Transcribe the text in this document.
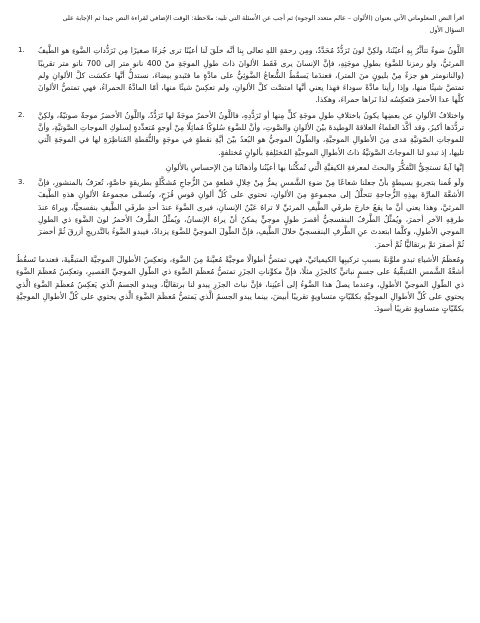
اقرأ النص المعلوماتي الآتي بعنوان (الألوان – عالم متعدد الوجوه) ثم أجب عن الأسئلة التي تليه: ملاحظة: الوقت الإضافي لقراءة النص جيدا ثم الإجابة على

السؤال الأول

1. اللَّونُ ضوءٌ تتأثَّرُ بِهِ أعيُنُنا، ولكِنَّ لونَ تَرَدُّدٌ مُحَدَّدٌ، ومِن رحمَةِ اللهِ تعالى بِنا أنَّه خلَقَ لَنا أعيُنًا ترى جُزءًا صغيرًا مِن تَرَدُّداتِ الضَّوءِ هو الطَّيفُ المرئيُّ، ولو رمزنا للضَّوءِ بطولِ موجَتِهِ، فإنَّ الإنسانَ يرى فَقَط الألوانَ ذاتَ طولِ الموجَةِ منْ 400 نانو متر إلى 700 نانو متر تقريبًا (والنانومتر هو جزءٌ مِنْ بليونٍ منَ المتر)، فعندَما يَسقُطُ الشُّعاعُ الضَّوئِيُّ على مادَّةٍ ما فتَبدو بيضاءَ، نستدلُّ أنَّها عكسَت كلَّ الألوانِ ولم تمتصَّ شيئًا منها، وإذا رأينا مادَّةً سوداءَ فهذا يعني أنَّها امتصَّت كلَّ الألوانِ، ولم تعكِسْ شيئًا منها، أمّا المادَّةُ الحمراءُ، فهي تمتصُّ الألوانَ كلَّها عدا الأحمرَ فتَعكِسُه لذا نَراها حمراءَ، وهكذا.
2. واختلافُ الألوانِ عن بعضِها يكونُ باختلافِ طولِ موجَةِ كلٍّ مِنها أو تَرَدُّدِهِ، فاللَّونُ الأحمرُ موجَةٌ لها تَرَدُّدٌ، واللَّونُ الأخضرُ موجةٌ صوتيّةٌ، ولكِنَّ تردُّدَها أكبرُ، وقد أكَّدَ العلماءُ العلاقةَ الوطيدةَ بيْنَ الألوانِ والصَّوتِ، وأنَّ للضَّوءِ سُلوكًا مُماثِلًا مِنْ أوجهٍ مُتعدِّدةٍ لِسلوكِ الموجاتِ الصَّوتيَّةِ، وأنَّ للموجاتِ الصّوتيَّةِ مَدى مِنَ الأطوالِ الموجيَّةِ، والطّولُ الموجيُّ هو البُعدُ بيْنَ أيَّةِ نقطةٍ في موجَةٍ والنُّقطةِ المُناظِرَةِ لها في الموجَةِ الّتي تليها، إذ تبدو لنا الموجاتُ الصَّوتيَّةُ ذاتُ الأطوالِ الموجيَّةِ المُختَلِفةِ بألوانٍ مُختلفةٍ.
إنَّها آيةٌ تستحِقُّ التَّفكُّرَ والبحثَ لمعرفةِ الكيفيَّةِ الَّتي تُمكِّنُنا بها أعيُنُنا وأذهانُنا مِنَ الإحساسِ بالألوانِ
3. ولَو قُمنا بتجربةٍ بسيطةٍ بأنْ جعلنا شعاعًا مِنْ ضوءِ الشَّمسِ يمرُّ مِنْ خِلالِ قطعةٍ منَ الزُّجاجِ مُشكَّلَةٍ بطريقةٍ خاصَّةٍ، تُعرَفُ بالمنشورِ، فإنَّ الأشعَّةَ المارَّةَ بهذِهِ الزُّجاجةِ تتحلَّلُ إلى مجموعةٍ مِنَ الألوانِ، تحتوي على كُلِّ ألوانِ قوسِ قُزَحٍ، وتُسمَّى مجموعةُ الألوانِ هذهِ الطَّيفَ المرئيَّ، وهذا يعني أنَّ ما يقعُ خارجَ طرفَي الطَّيفِ المرئيِّ لا تراهُ عَيْنُ الإنسانِ، فيرى الضَّوءَ عندَ أحدِ طرفَي الطَّيفِ بنفسجيًّا، ويراهُ عندَ طرفِهِ الآخرِ أحمرَ، ويُمثِّلُ الطَّرفُ البنفسجيُّ أقصرَ طولٍ موجيٍّ يمكنُ أنْ يراهُ الإنسانُ، ويُمثِّلُ الطَّرفُ الأحمرُ لونَ الضَّوءِ ذي الطولِ الموجي الأطولِ، وكلَّما ابتعدتَ عنِ الطَّرفِ البنفسجيِّ خلالَ الطَّيفِ، فإنَّ الطّولَ الموجيَّ للضَّوءِ يزدادُ، فيبدو الضَّوءُ بالتَّدريجِ أزرقَ ثُمَّ أخضرَ ثُمَّ أصفرَ ثمَّ برتقاليًّا ثُمَّ أحمرَ.
ومُعظَمُ الأشياءِ تبدو ملوَّنةً بسببِ تركيبِها الكيميائيِّ، فهي تمتصُّ أطوالًا موجيَّةً مُعيَّنةً مِنَ الضَّوءِ، وتعكِسُ الأطوالَ الموجيَّةَ المتبقِّيةَ، فعندما تَسقُطُ أشعَّةُ الشَّمسِ المُتبقِّيةُ على جسمٍ نباتيٍّ كالجزَرِ مثلًا، فإنَّ مكوِّناتِ الجزَرِ تمتصُّ مُعظَمَ الضَّوءِ ذي الطّولِ الموجيِّ القصيرِ، وتعكِسُ مُعظَمَ الضَّوءِ ذي الطّولِ الموجيِّ الأطولِ، وعندما يصلُ هذا الضَّوءُ إلى أعيُنِنا، فإنَّ نباتَ الجزَرِ يبدو لنا برتقاليًّا، ويبدو الجسمُ الّذي يَعكِسُ مُعظَمَ الضَّوءِ الَّذي يحتوي على كُلِّ الأطوالِ الموجيَّةِ بكمِّيّاتٍ متساويةٍ تقريبًا أبيضَ، بينما يبدو الجسمُ الَّذي يَمتصُّ مُعظَمَ الضَّوءِ الَّذي يحتوي على كُلِّ الأطوالِ الموجيَّةِ بكمِّيّاتٍ متساويةٍ تقريبًا أسودَ.
